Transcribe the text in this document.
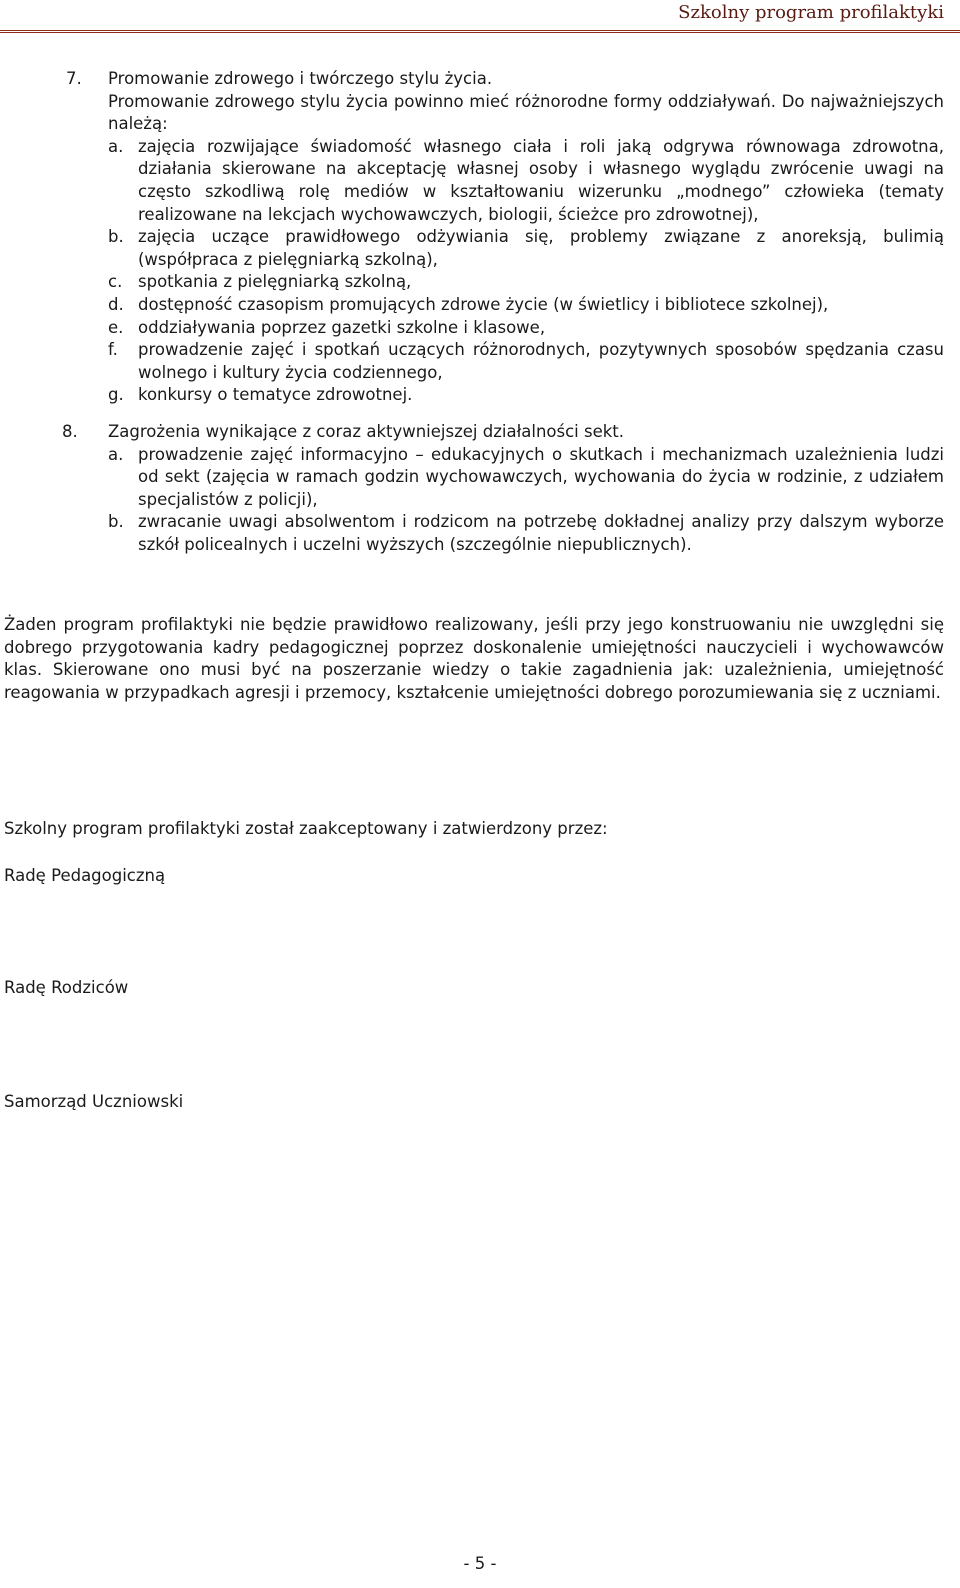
Szkolny program profilaktyki
7. Promowanie zdrowego i twórczego stylu życia.
Promowanie zdrowego stylu życia powinno mieć różnorodne formy oddziaływań. Do najważniejszych należą:
a. zajęcia rozwijające świadomość własnego ciała i roli jaką odgrywa równowaga zdrowotna, działania skierowane na akceptację własnej osoby i własnego wyglądu zwrócenie uwagi na często szkodliwą rolę mediów w kształtowaniu wizerunku „modnego” człowieka (tematy realizowane na lekcjach wychowawczych, biologii, ścieżce pro zdrowotnej),
b. zajęcia uczące prawidłowego odżywiania się, problemy związane z anoreksją, bulimią (współpraca z pielęgniarką szkolną),
c. spotkania z pielęgniarką szkolną,
d. dostępność czasopism promujących zdrowe życie (w świetlicy i bibliotece szkolnej),
e. oddziaływania poprzez gazetki szkolne i klasowe,
f.	prowadzenie zajęć i spotkań uczących różnorodnych, pozytywnych sposobów spędzania czasu wolnego i kultury życia codziennego,
g. konkursy o tematyce zdrowotnej.
8. Zagrożenia wynikające z coraz aktywniejszej działalności sekt.
a. prowadzenie zajęć informacyjno – edukacyjnych o skutkach i mechanizmach uzależnienia ludzi od sekt (zajęcia w ramach godzin wychowawczych, wychowania do życia w rodzinie, z udziałem specjalistów z policji),
b. zwracanie uwagi absolwentom i rodzicom na potrzebę dokładnej analizy przy dalszym wyborze szkół policealnych i uczelni wyższych (szczególnie niepublicznych).
Żaden program profilaktyki nie będzie prawidłowo realizowany, jeśli przy jego konstruowaniu nie uwzględni się dobrego przygotowania kadry pedagogicznej poprzez doskonalenie umiejętności nauczycieli i wychowawców klas. Skierowane ono musi być na poszerzanie wiedzy o takie zagadnienia jak: uzależnienia, umiejętność reagowania w przypadkach agresji i przemocy, kształcenie umiejętności dobrego porozumiewania się z uczniami.
Szkolny program profilaktyki został zaakceptowany i zatwierdzony przez:
Radę Pedagogiczną
Radę Rodziców
Samorząd Uczniowski
- 5 -
